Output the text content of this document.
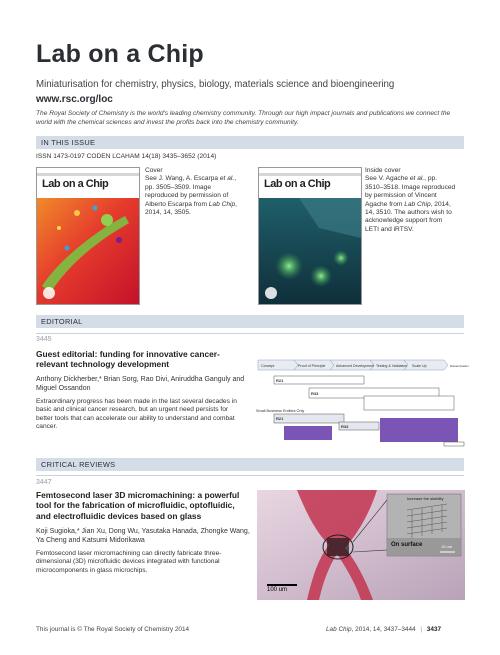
Lab on a Chip
Miniaturisation for chemistry, physics, biology, materials science and bioengineering
www.rsc.org/loc
The Royal Society of Chemistry is the world's leading chemistry community. Through our high impact journals and publications we connect the world with the chemical sciences and invest the profits back into the chemistry community.
IN THIS ISSUE
ISSN 1473-0197 CODEN LCAHAM 14(18) 3435–3652 (2014)
Lab on a Chip
Cover
See J. Wang, A. Escarpa et al., pp. 3505–3509. Image reproduced by permission of Alberto Escarpa from Lab Chip, 2014, 14, 3505.
Lab on a Chip
Inside cover
See V. Agache et al., pp. 3510–3518. Image reproduced by permission of Vincent Agache from Lab Chip, 2014, 14, 3510. The authors wish to acknowledge support from LETI and iRTSV.
EDITORIAL
3445
Guest editorial: funding for innovative cancer-relevant technology development
Anthony Dickherber,* Brian Sorg, Rao Divi, Aniruddha Ganguly and Miguel Ossandon
Extraordinary progress has been made in the last several decades in basic and clinical cancer research, but an urgent need persists for better tools that can accelerate our ability to understand and combat cancer.
Concept	Proof of Principle	Advanced Development Testing & Validation Scale Up	Dissemination
R21
R33
Small Business Entities Only
R21
R33
CRITICAL REVIEWS
3447
Femtosecond laser 3D micromachining: a powerful tool for the fabrication of microfluidic, optofluidic, and electrofluidic devices based on glass
Koji Sugioka,* Jian Xu, Dong Wu, Yasutaka Hanada, Zhongke Wang, Ya Cheng and Katsumi Midorikawa
Femtosecond laser micromachining can directly fabricate three-dimensional (3D) microfluidic devices integrated with functional microcomponents in glass microchips.
Increase the stability
On surface	10 um
100 um
This journal is © The Royal Society of Chemistry 2014	Lab Chip, 2014, 14, 3437–3444 | 3437
